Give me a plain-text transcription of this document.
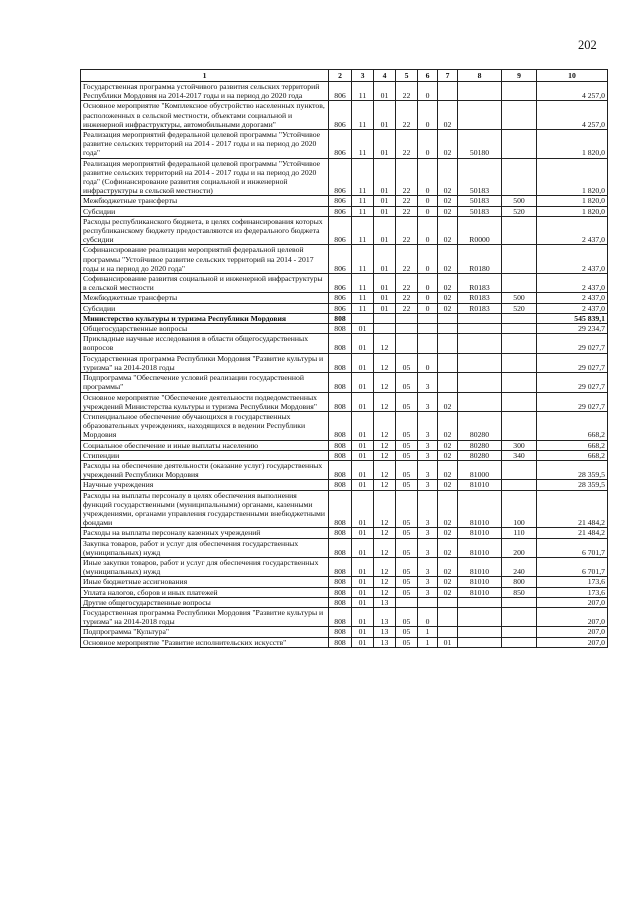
202
1	2	3	4	5	6	7	8	9	10
Государственная программа устойчивого развития сельских территорий Республики Мордовия на 2014-2017 годы и на период до 2020 года	806	11	01	22	0				4 257,0
Основное мероприятие "Комплексное обустройство населенных пунктов, расположенных в сельской местности, объектами социальной и инженерной инфраструктуры, автомобильными дорогами"	806	11	01	22	0	02			4 257,0
Реализация мероприятий федеральной целевой программы "Устойчивое развитие сельских территорий на 2014 - 2017 годы и на период до 2020 года"	806	11	01	22	0	02	50180		1 820,0
Реализация мероприятий федеральной целевой программы "Устойчивое развитие сельских территорий на 2014 - 2017 годы и на период до 2020 года" (Софинансирование развития социальной и инженерной инфраструктуры в сельской местности)	806	11	01	22	0	02	50183		1 820,0
Межбюджетные трансферты	806	11	01	22	0	02	50183	500	1 820,0
Субсидии	806	11	01	22	0	02	50183	520	1 820,0
Расходы республиканского бюджета, в целях софинансирования которых республиканскому бюджету предоставляются из федерального бюджета субсидии	806	11	01	22	0	02	R0000		2 437,0
Софинансирование реализации мероприятий федеральной целевой программы "Устойчивое развитие сельских территорий на 2014 - 2017 годы и на период до 2020 года"	806	11	01	22	0	02	R0180		2 437,0
Софинансирование развития социальной и инженерной инфраструктуры в сельской местности	806	11	01	22	0	02	R0183		2 437,0
Межбюджетные трансферты	806	11	01	22	0	02	R0183	500	2 437,0
Субсидии	806	11	01	22	0	02	R0183	520	2 437,0
Министерство культуры и туризма Республики Мордовия	808								545 839,1
Общегосударственные вопросы	808	01							29 234,7
Прикладные научные исследования в области общегосударственных вопросов	808	01	12						29 027,7
Государственная программа Республики Мордовия "Развитие культуры и туризма" на 2014-2018 годы	808	01	12	05	0				29 027,7
Подпрограмма "Обеспечение условий реализации государственной программы"	808	01	12	05	3				29 027,7
Основное мероприятие "Обеспечение деятельности подведомственных учреждений Министерства культуры и туризма Республики Мордовия"	808	01	12	05	3	02			29 027,7
Стипендиальное обеспечение обучающихся в государственных образовательных учреждениях, находящихся в ведении Республики Мордовия	808	01	12	05	3	02	80280		668,2
Социальное обеспечение и иные выплаты населению	808	01	12	05	3	02	80280	300	668,2
Стипендии	808	01	12	05	3	02	80280	340	668,2
Расходы на обеспечение деятельности (оказание услуг) государственных учреждений Республики Мордовия	808	01	12	05	3	02	81000		28 359,5
Научные учреждения	808	01	12	05	3	02	81010		28 359,5
Расходы на выплаты персоналу в целях обеспечения выполнения функций государственными (муниципальными) органами, казенными учреждениями, органами управления государственными внебюджетными фондами	808	01	12	05	3	02	81010	100	21 484,2
Расходы на выплаты персоналу казенных учреждений	808	01	12	05	3	02	81010	110	21 484,2
Закупка товаров, работ и услуг для обеспечения государственных (муниципальных) нужд	808	01	12	05	3	02	81010	200	6 701,7
Иные закупки товаров, работ и услуг для обеспечения государственных (муниципальных) нужд	808	01	12	05	3	02	81010	240	6 701,7
Иные бюджетные ассигнования	808	01	12	05	3	02	81010	800	173,6
Уплата налогов, сборов и иных платежей	808	01	12	05	3	02	81010	850	173,6
Другие общегосударственные вопросы	808	01	13						207,0
Государственная программа Республики Мордовия "Развитие культуры и туризма" на 2014-2018 годы	808	01	13	05	0				207,0
Подпрограмма "Культура"	808	01	13	05	1				207,0
Основное мероприятие "Развитие исполнительских искусств"	808	01	13	05	1	01			207,0
